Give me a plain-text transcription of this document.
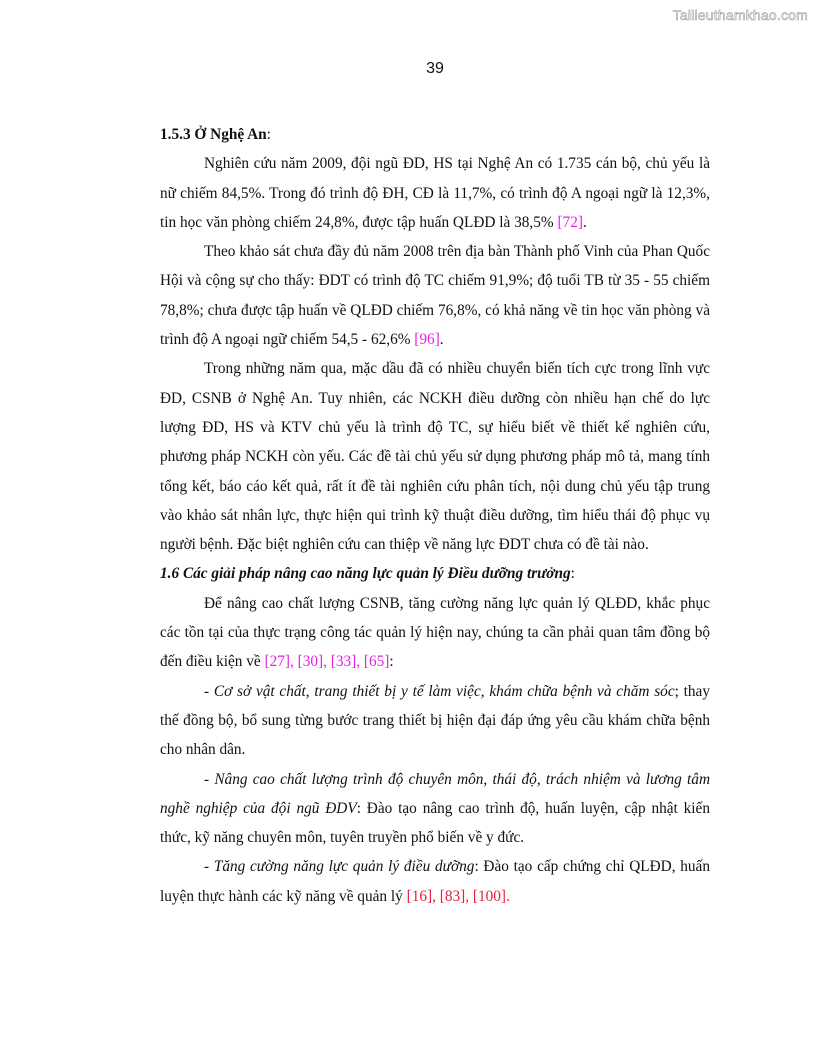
Tailieuthamkhao.com
39

1.5.3 Ở Nghệ An:

Nghiên cứu năm 2009, đội ngũ ĐD, HS tại Nghệ An có 1.735 cán bộ, chủ yếu là nữ chiếm 84,5%. Trong đó trình độ ĐH, CĐ là 11,7%, có trình độ A ngoại ngữ là 12,3%, tin học văn phòng chiếm 24,8%, được tập huấn QLĐD là 38,5% [72].

Theo khảo sát chưa đầy đủ năm 2008 trên địa bàn Thành phố Vinh của Phan Quốc Hội và cộng sự cho thấy: ĐDT có trình độ TC chiếm 91,9%; độ tuổi TB từ 35 - 55 chiếm 78,8%; chưa được tập huấn về QLĐD chiếm 76,8%, có khả năng về tin học văn phòng và trình độ A ngoại ngữ chiếm 54,5 - 62,6% [96].

Trong những năm qua, mặc dầu đã có nhiều chuyển biến tích cực trong lĩnh vực ĐD, CSNB ở Nghệ An. Tuy nhiên, các NCKH điều dưỡng còn nhiều hạn chế do lực lượng ĐD, HS và KTV chủ yếu là trình độ TC, sự hiểu biết về thiết kế nghiên cứu, phương pháp NCKH còn yếu. Các đề tài chủ yếu sử dụng phương pháp mô tả, mang tính tổng kết, báo cáo kết quả, rất ít đề tài nghiên cứu phân tích, nội dung chủ yếu tập trung vào khảo sát nhân lực, thực hiện qui trình kỹ thuật điều dưỡng, tìm hiểu thái độ phục vụ người bệnh. Đặc biệt nghiên cứu can thiệp về năng lực ĐDT chưa có đề tài nào.

1.6 Các giải pháp nâng cao năng lực quản lý Điều dưỡng trưởng:

Để nâng cao chất lượng CSNB, tăng cường năng lực quản lý QLĐD, khắc phục các tồn tại của thực trạng công tác quản lý hiện nay, chúng ta cần phải quan tâm đồng bộ đến điều kiện về [27], [30], [33], [65]:

- Cơ sở vật chất, trang thiết bị y tế làm việc, khám chữa bệnh và chăm sóc; thay thế đồng bộ, bổ sung từng bước trang thiết bị hiện đại đáp ứng yêu cầu khám chữa bệnh cho nhân dân.

- Nâng cao chất lượng trình độ chuyên môn, thái độ, trách nhiệm và lương tâm nghề nghiệp của đội ngũ ĐDV: Đào tạo nâng cao trình độ, huấn luyện, cập nhật kiến thức, kỹ năng chuyên môn, tuyên truyền phổ biến về y đức.

- Tăng cường năng lực quản lý điều dưỡng: Đào tạo cấp chứng chỉ QLĐD, huấn luyện thực hành các kỹ năng về quản lý [16], [83], [100].
